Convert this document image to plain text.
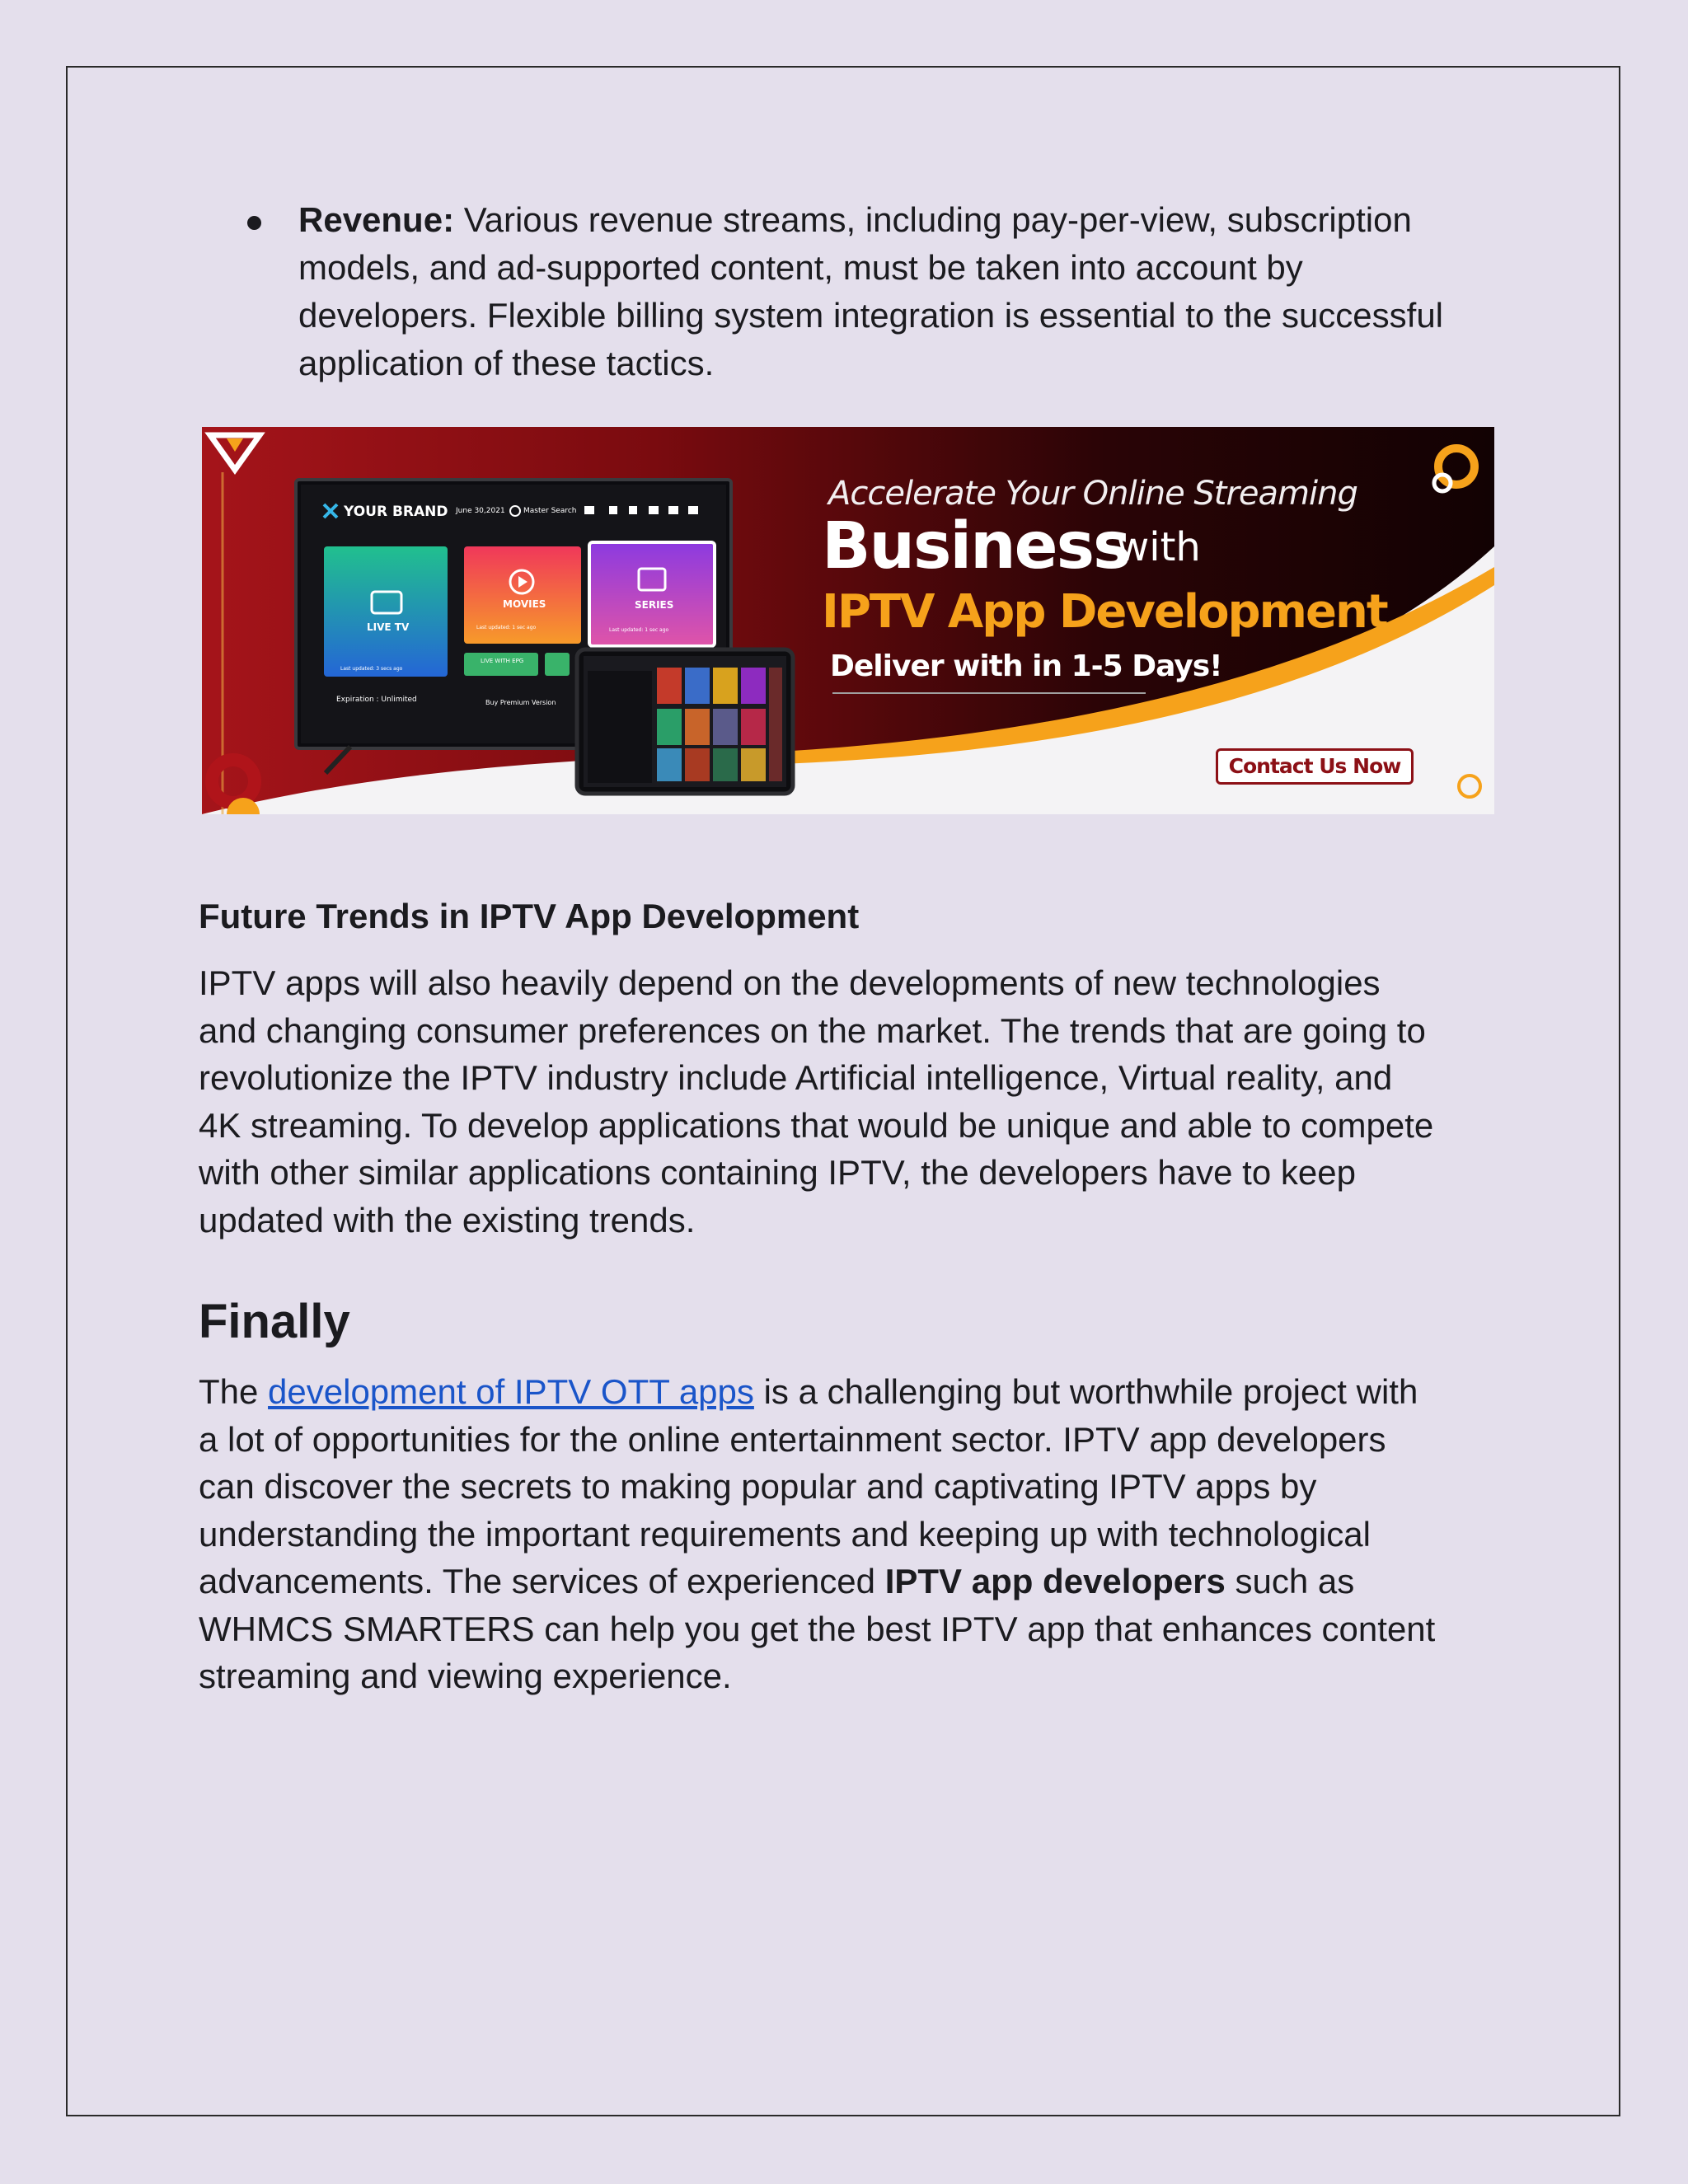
Revenue: Various revenue streams, including pay-per-view, subscription
models, and ad-supported content, must be taken into account by
developers. Flexible billing system integration is essential to the successful
application of these tactics.
YOUR BRAND June 30,2021 Master Search
LIVE TV
MOVIES	SERIES
Last updated: 3 secs ago
Last updated: 1 sec ago	Last updated: 1 sec ago
Expiration : Unlimited
LIVE WITH EPG
Buy Premium Version
Accelerate Your Online Streaming
Business
with
IPTV App Development
Deliver with in 1-5 Days!
Contact Us Now
Future Trends in IPTV App Development
IPTV apps will also heavily depend on the developments of new technologies
and changing consumer preferences on the market. The trends that are going to
revolutionize the IPTV industry include Artificial intelligence, Virtual reality, and
4K streaming. To develop applications that would be unique and able to compete
with other similar applications containing IPTV, the developers have to keep
updated with the existing trends.
Finally
The development of IPTV OTT apps is a challenging but worthwhile project with
a lot of opportunities for the online entertainment sector. IPTV app developers
can discover the secrets to making popular and captivating IPTV apps by
understanding the important requirements and keeping up with technological
advancements. The services of experienced IPTV app developers such as
WHMCS SMARTERS can help you get the best IPTV app that enhances content
streaming and viewing experience.
